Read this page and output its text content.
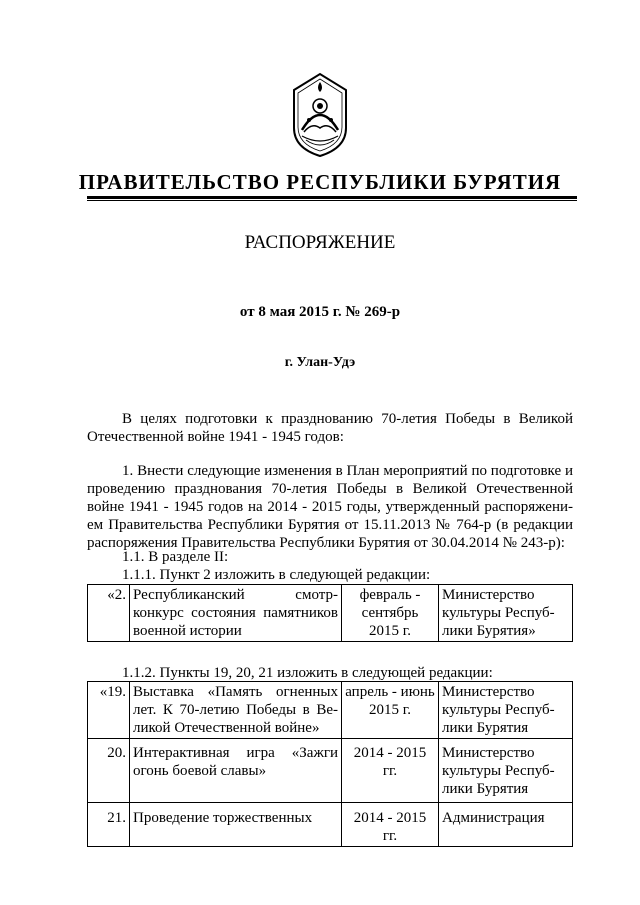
ПРАВИТЕЛЬСТВО РЕСПУБЛИКИ БУРЯТИЯ
РАСПОРЯЖЕНИЕ
от 8 мая 2015 г. № 269-р
г. Улан-Удэ
В целях подготовки к празднованию 70-летия Победы в Великой Отечественной войне 1941 - 1945 годов:
1. Внести следующие изменения в План мероприятий по подготовке и проведению празднования 70-летия Победы в Великой Отечественной войне 1941 - 1945 годов на 2014 - 2015 годы, утвержденный распоряжени-ем Правительства Республики Бурятия от 15.11.2013 № 764-р (в редакции распоряжения Правительства Республики Бурятия от 30.04.2014 № 243-р):
1.1. В разделе II:
1.1.1. Пункт 2 изложить в следующей редакции:
«2.	Республиканский смотр-конкурс состояния памятников военной истории	февраль - сентябрь 2015 г.	Министерство культуры Респуб-лики Бурятия»
1.1.2. Пункты 19, 20, 21 изложить в следующей редакции:
«19.	Выставка «Память огненных лет. К 70-летию Победы в Ве-ликой Отечественной войне»	апрель - июнь 2015 г.	Министерство культуры Респуб-лики Бурятия
20.	Интерактивная игра «Зажги огонь боевой славы»	2014 - 2015 гг.	Министерство культуры Респуб-лики Бурятия
21.	Проведение торжественных	2014 - 2015 гг.	Администрация
